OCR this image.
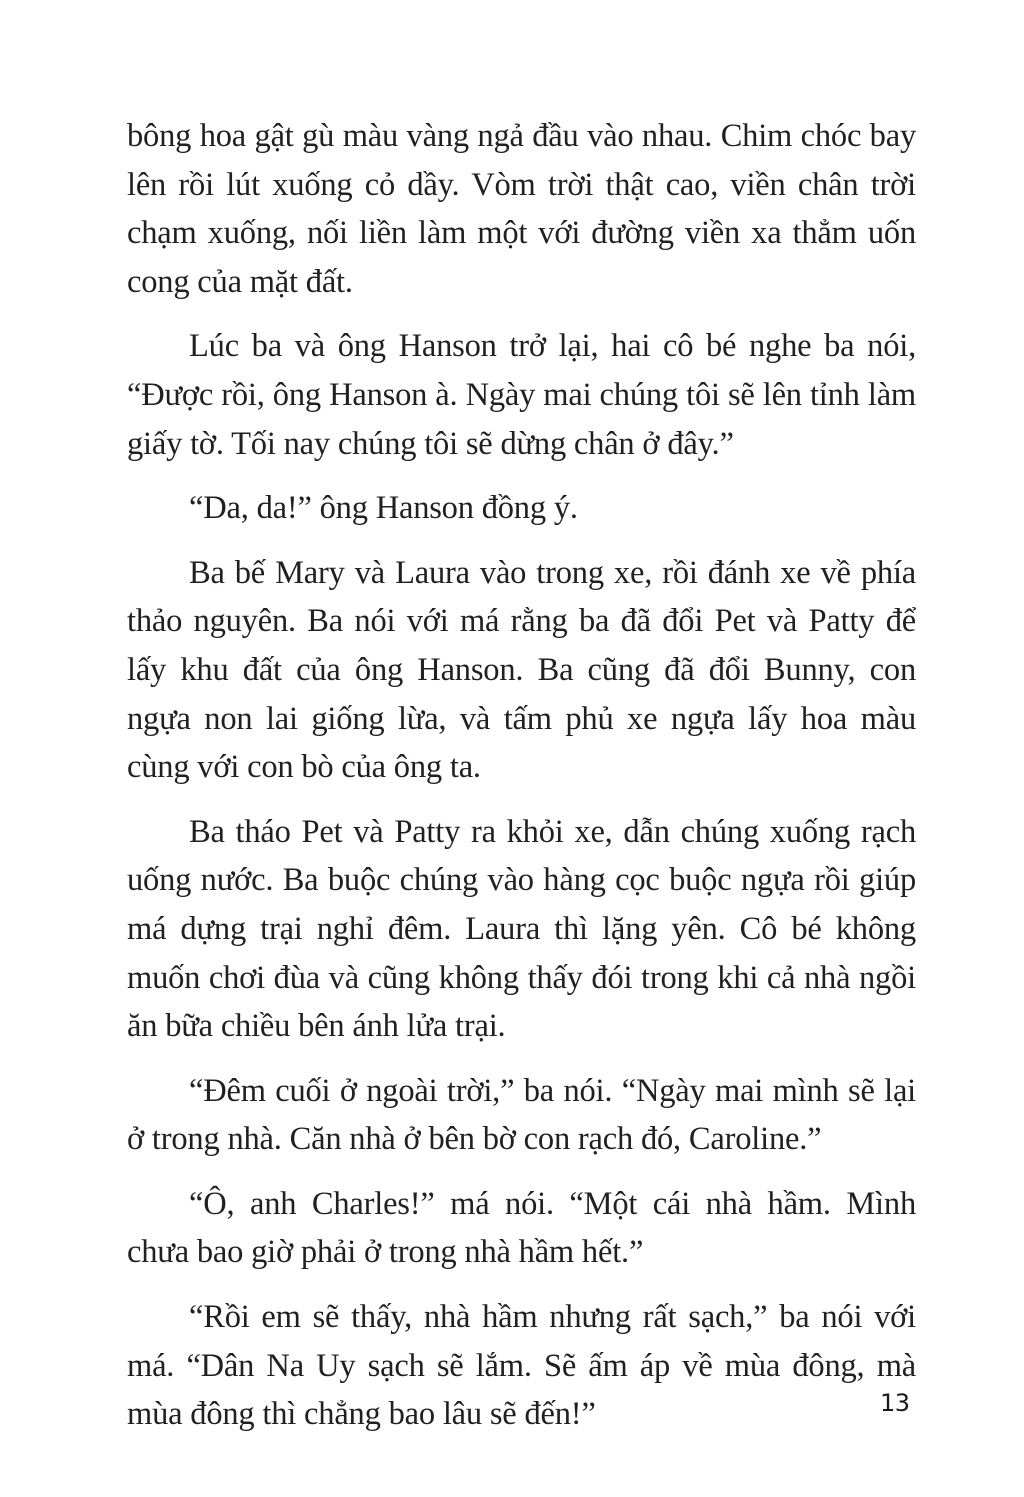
bông hoa gật gù màu vàng ngả đầu vào nhau. Chim chóc bay lên rồi lút xuống cỏ dầy. Vòm trời thật cao, viền chân trời chạm xuống, nối liền làm một với đường viền xa thẳm uốn cong của mặt đất.

Lúc ba và ông Hanson trở lại, hai cô bé nghe ba nói, “Được rồi, ông Hanson à. Ngày mai chúng tôi sẽ lên tỉnh làm giấy tờ. Tối nay chúng tôi sẽ dừng chân ở đây.”

“Da, da!” ông Hanson đồng ý.

Ba bế Mary và Laura vào trong xe, rồi đánh xe về phía thảo nguyên. Ba nói với má rằng ba đã đổi Pet và Patty để lấy khu đất của ông Hanson. Ba cũng đã đổi Bunny, con ngựa non lai giống lừa, và tấm phủ xe ngựa lấy hoa màu cùng với con bò của ông ta.

Ba tháo Pet và Patty ra khỏi xe, dẫn chúng xuống rạch uống nước. Ba buộc chúng vào hàng cọc buộc ngựa rồi giúp má dựng trại nghỉ đêm. Laura thì lặng yên. Cô bé không muốn chơi đùa và cũng không thấy đói trong khi cả nhà ngồi ăn bữa chiều bên ánh lửa trại.

“Đêm cuối ở ngoài trời,” ba nói. “Ngày mai mình sẽ lại ở trong nhà. Căn nhà ở bên bờ con rạch đó, Caroline.”

“Ô, anh Charles!” má nói. “Một cái nhà hầm. Mình chưa bao giờ phải ở trong nhà hầm hết.”

“Rồi em sẽ thấy, nhà hầm nhưng rất sạch,” ba nói với má. “Dân Na Uy sạch sẽ lắm. Sẽ ấm áp về mùa đông, mà mùa đông thì chẳng bao lâu sẽ đến!”	13
